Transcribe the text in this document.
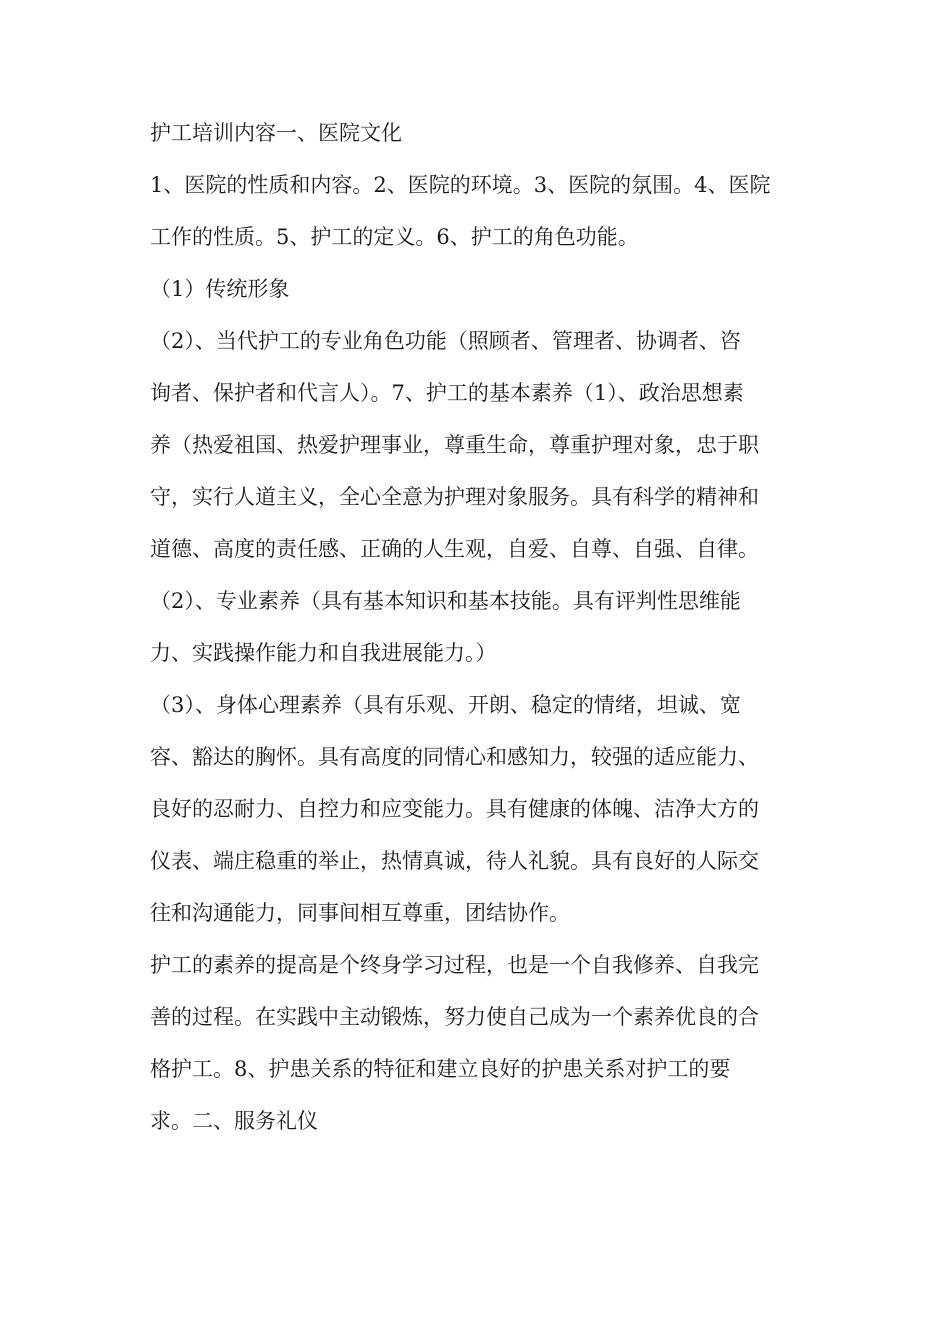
护工培训内容一、医院文化
1、医院的性质和内容。2、医院的环境。3、医院的氛围。4、医院
工作的性质。5、护工的定义。6、护工的角色功能。
（1）传统形象
（2）、当代护工的专业角色功能（照顾者、管理者、协调者、咨
询者、保护者和代言人）。7、护工的基本素养（1）、政治思想素
养（热爱祖国、热爱护理事业，尊重生命，尊重护理对象，忠于职
守，实行人道主义，全心全意为护理对象服务。具有科学的精神和
道德、高度的责任感、正确的人生观，自爱、自尊、自强、自律。
（2）、专业素养（具有基本知识和基本技能。具有评判性思维能
力、实践操作能力和自我进展能力。）
（3）、身体心理素养（具有乐观、开朗、稳定的情绪，坦诚、宽
容、豁达的胸怀。具有高度的同情心和感知力，较强的适应能力、
良好的忍耐力、自控力和应变能力。具有健康的体魄、洁净大方的
仪表、端庄稳重的举止，热情真诚，待人礼貌。具有良好的人际交
往和沟通能力，同事间相互尊重，团结协作。
护工的素养的提高是个终身学习过程，也是一个自我修养、自我完
善的过程。在实践中主动锻炼，努力使自己成为一个素养优良的合
格护工。8、护患关系的特征和建立良好的护患关系对护工的要
求。二、服务礼仪
